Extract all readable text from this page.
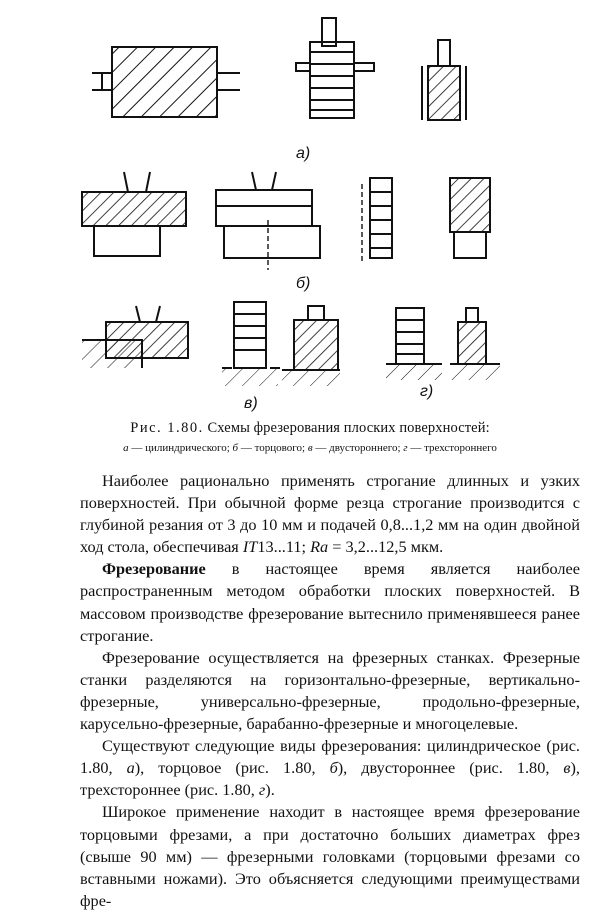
а)
б)
в)
г)
Рис. 1.80. Схемы фрезерования плоских поверхностей:
а — цилиндрического; б — торцового; в — двустороннего; г — трехстороннего

Наиболее рационально применять строгание длинных и узких поверхностей. При обычной форме резца строгание производится с глубиной резания от 3 до 10 мм и подачей 0,8...1,2 мм на один двойной ход стола, обеспечивая IT13...11; Ra = 3,2...12,5 мкм.

Фрезерование в настоящее время является наиболее распространенным методом обработки плоских поверхностей. В массовом производстве фрезерование вытеснило применявшееся ранее строгание.

Фрезерование осуществляется на фрезерных станках. Фрезерные станки разделяются на горизонтально-фрезерные, вертикально-фрезерные, универсально-фрезерные, продольно-фрезерные, карусельно-фрезерные, барабанно-фрезерные и многоцелевые.

Существуют следующие виды фрезерования: цилиндрическое (рис. 1.80, а), торцовое (рис. 1.80, б), двустороннее (рис. 1.80, в), трехстороннее (рис. 1.80, г).

Широкое применение находит в настоящее время фрезерование торцовыми фрезами, а при достаточно больших диаметрах фрез (свыше 90 мм) — фрезерными головками (торцовыми фрезами со вставными ножами). Это объясняется следующими преимуществами фре-
